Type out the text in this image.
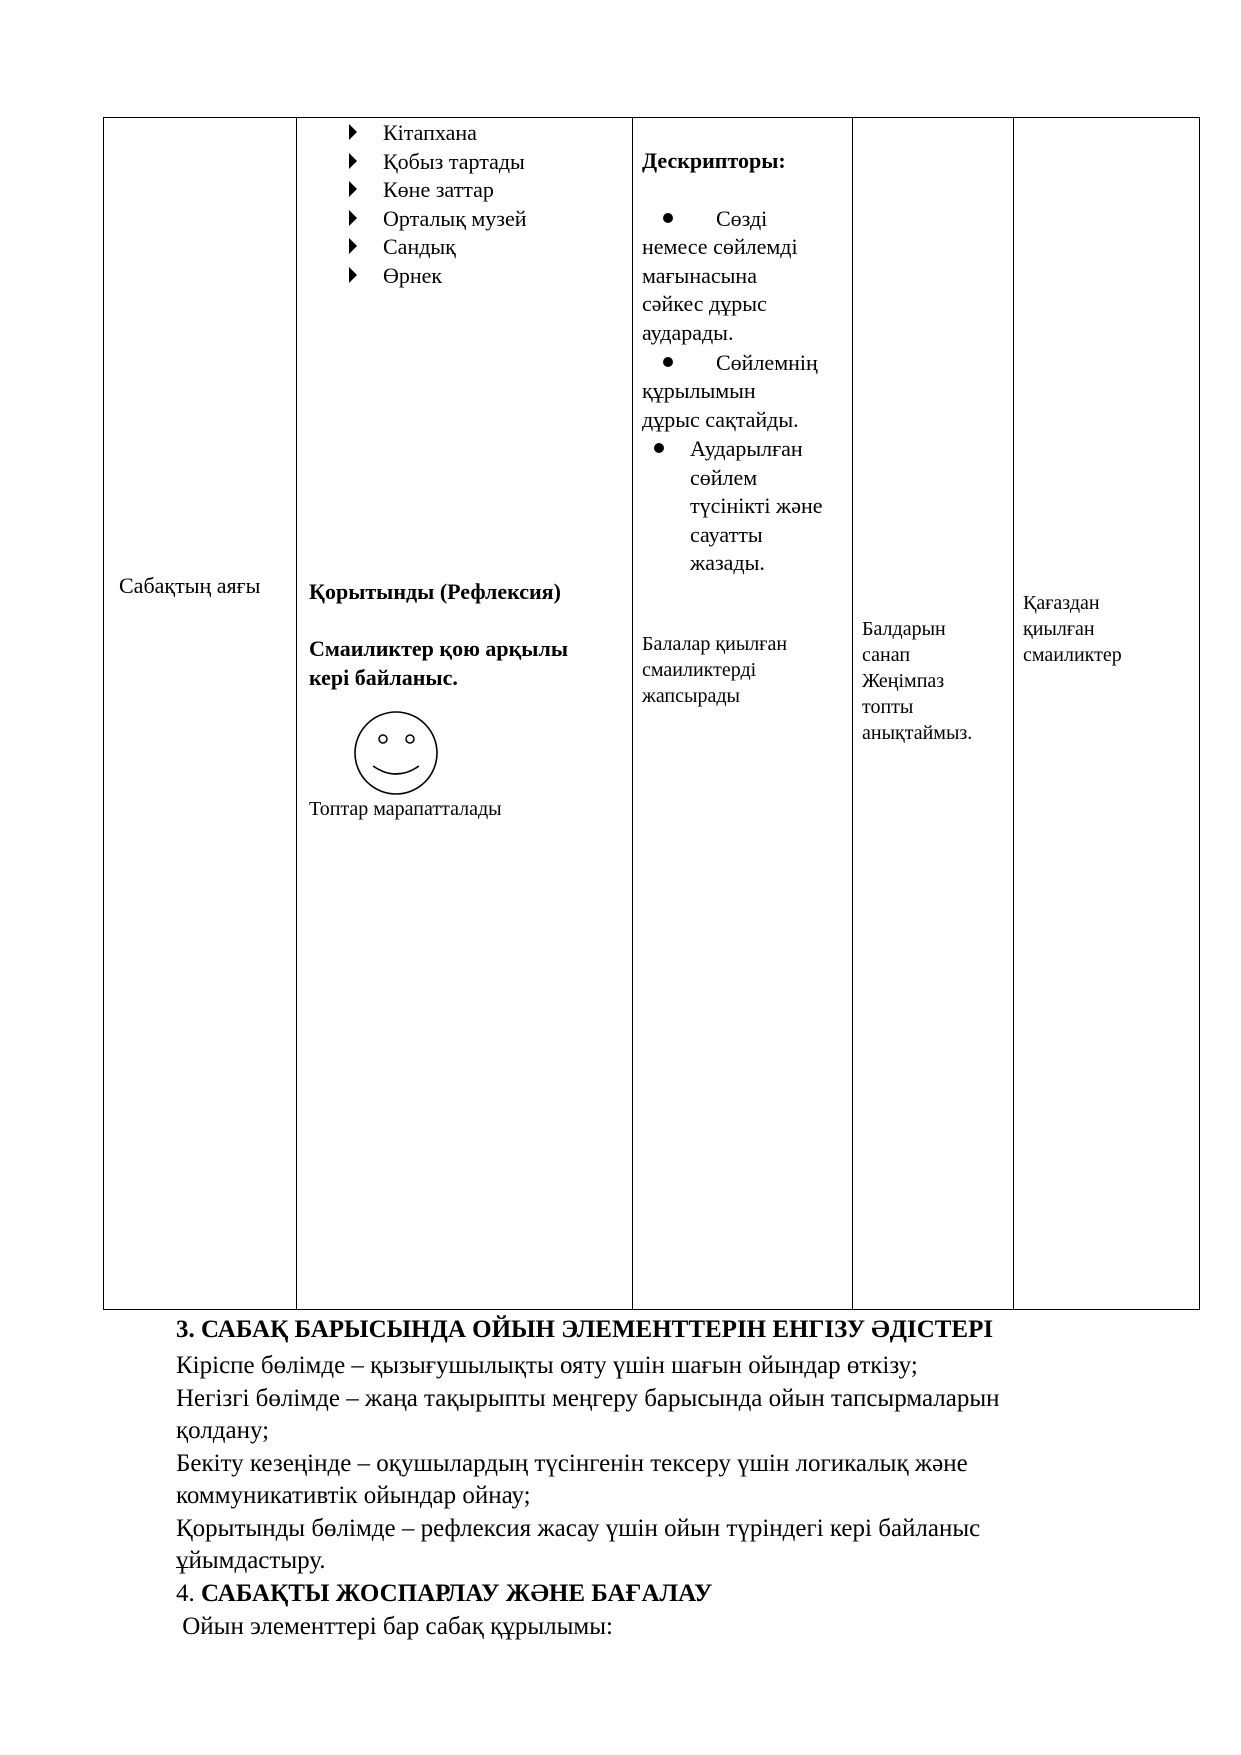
Сабақтың аяғы
Кітапхана
Қобыз тартады
Көне заттар
Орталық музей
Сандық
Өрнек
Қорытынды (Рефлексия)
Смаиликтер қою арқылы
кері байланыс.
Топтар марапатталады
Дескрипторы:
Сөзді
немесе сөйлемді
мағынасына
сәйкес дұрыс
аударады.
Сөйлемнің
құрылымын
дұрыс сақтайды.
Аударылған
сөйлем
түсінікті және
сауатты
жазады.
Балалар қиылған
смаиликтерді
жапсырады
Балдарын
санап
Жеңімпаз
топты
анықтаймыз.
Қағаздан
қиылған
смаиликтер
3. САБАҚ БАРЫСЫНДА ОЙЫН ЭЛЕМЕНТТЕРІН ЕНГІЗУ ӘДІСТЕРІ
Кіріспе бөлімде – қызығушылықты ояту үшін шағын ойындар өткізу;
Негізгі бөлімде – жаңа тақырыпты меңгеру барысында ойын тапсырмаларын
қолдану;
Бекіту кезеңінде – оқушылардың түсінгенін тексеру үшін логикалық және
коммуникативтік ойындар ойнау;
Қорытынды бөлімде – рефлексия жасау үшін ойын түріндегі кері байланыс
ұйымдастыру.
4. САБАҚТЫ ЖОСПАРЛАУ ЖӘНЕ БАҒАЛАУ
Ойын элементтері бар сабақ құрылымы:
